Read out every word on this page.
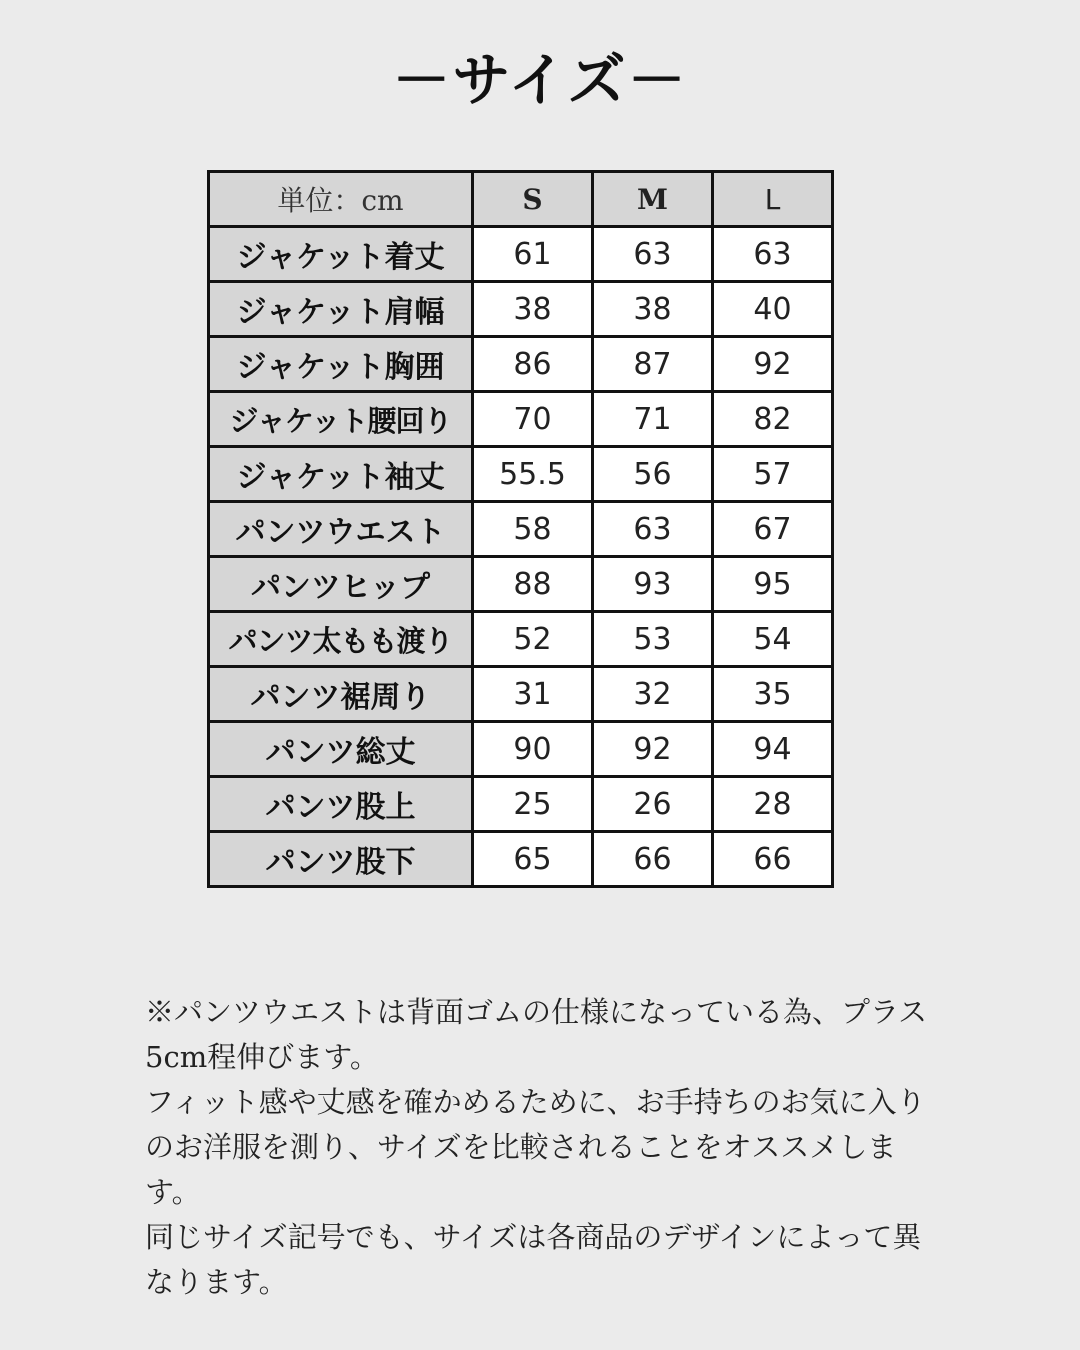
－サイズ－
単位：cm	S	M	L
ジャケット着丈	61	63	63
ジャケット肩幅	38	38	40
ジャケット胸囲	86	87	92
ジャケット腰回り	70	71	82
ジャケット袖丈	55.5	56	57
パンツウエスト	58	63	67
パンツヒップ	88	93	95
パンツ太もも渡り	52	53	54
パンツ裾周り	31	32	35
パンツ総丈	90	92	94
パンツ股上	25	26	28
パンツ股下	65	66	66

※パンツウエストは背面ゴムの仕様になっている為、プラス5cm程伸びます。

フィット感や丈感を確かめるために、お手持ちのお気に入りのお洋服を測り、サイズを比較されることをオススメします。

同じサイズ記号でも、サイズは各商品のデザインによって異なります。
